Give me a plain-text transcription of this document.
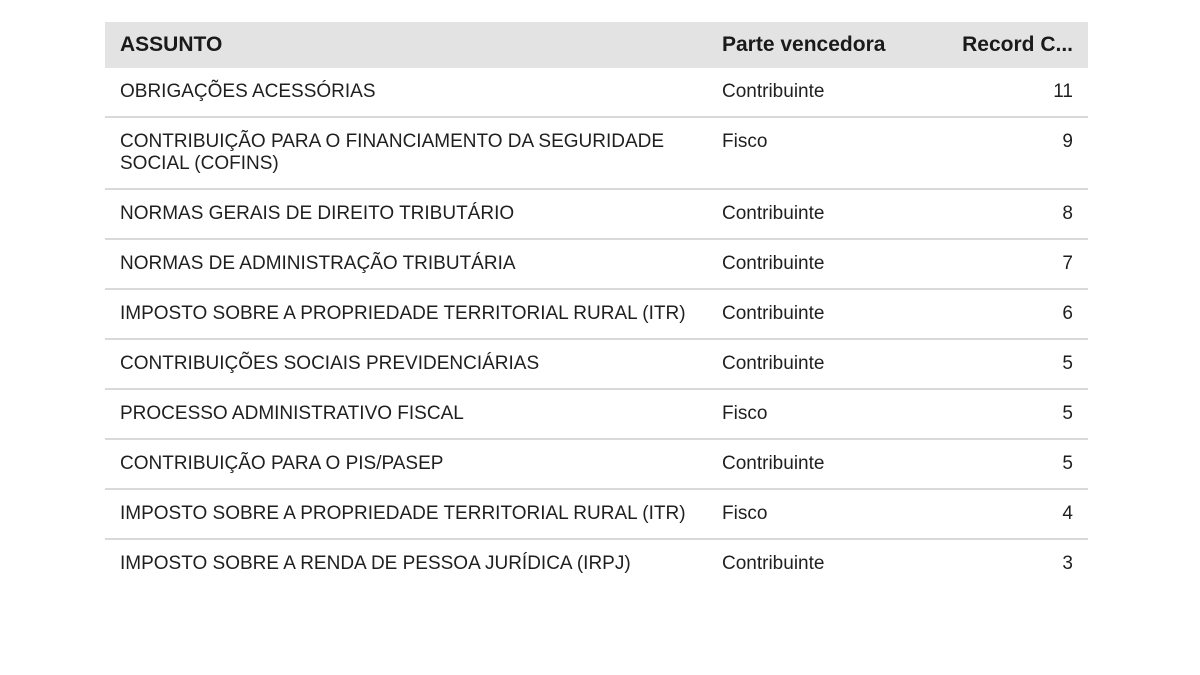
ASSUNTO	Parte vencedora	Record C...
OBRIGAÇÕES ACESSÓRIAS	Contribuinte	11
CONTRIBUIÇÃO PARA O FINANCIAMENTO DA SEGURIDADE SOCIAL (COFINS)	Fisco	9
NORMAS GERAIS DE DIREITO TRIBUTÁRIO	Contribuinte	8
NORMAS DE ADMINISTRAÇÃO TRIBUTÁRIA	Contribuinte	7
IMPOSTO SOBRE A PROPRIEDADE TERRITORIAL RURAL (ITR)	Contribuinte	6
CONTRIBUIÇÕES SOCIAIS PREVIDENCIÁRIAS	Contribuinte	5
PROCESSO ADMINISTRATIVO FISCAL	Fisco	5
CONTRIBUIÇÃO PARA O PIS/PASEP	Contribuinte	5
IMPOSTO SOBRE A PROPRIEDADE TERRITORIAL RURAL (ITR)	Fisco	4
IMPOSTO SOBRE A RENDA DE PESSOA JURÍDICA (IRPJ)	Contribuinte	3
